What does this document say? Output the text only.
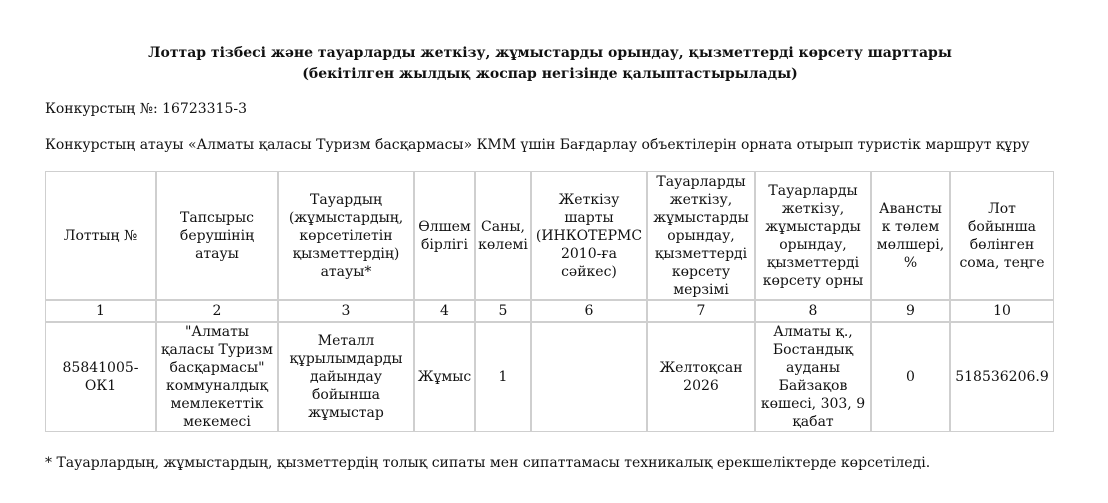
Лоттар тізбесі және тауарларды жеткізу, жұмыстарды орындау, қызметтерді көрсету шарттары
(бекітілген жылдық жоспар негізінде қалыптастырылады)
Конкурстың №: 16723315-3
Конкурстың атауы «Алматы қаласы Туризм басқармасы» КММ үшін Бағдарлау объектілерін орната отырып туристік маршрут құру
Лоттың №	Тапсырыс берушінің атауы	Тауардың (жұмыстардың, көрсетілетін қызметтердің) атауы*	Өлшем бірлігі	Саны, көлемі	Жеткізу шарты (ИНКОТЕРМС 2010-ға сәйкес)	Тауарларды жеткізу, жұмыстарды орындау, қызметтерді көрсету мерзімі	Тауарларды жеткізу, жұмыстарды орындау, қызметтерді көрсету орны	Авансты к төлем мөлшері, %	Лот бойынша бөлінген сома, теңге
1	2	3	4	5	6	7	8	9	10
85841005-ОК1	"Алматы қаласы Туризм басқармасы" коммуналдық мемлекеттік мекемесі	Металл құрылымдарды дайындау бойынша жұмыстар	Жұмыс	1		Желтоқсан 2026	Алматы қ., Бостандық ауданы Байзақов көшесі, 303, 9 қабат	0	518536206.9
* Тауарлардың, жұмыстардың, қызметтердің толық сипаты мен сипаттамасы техникалық ерекшеліктерде көрсетіледі.
